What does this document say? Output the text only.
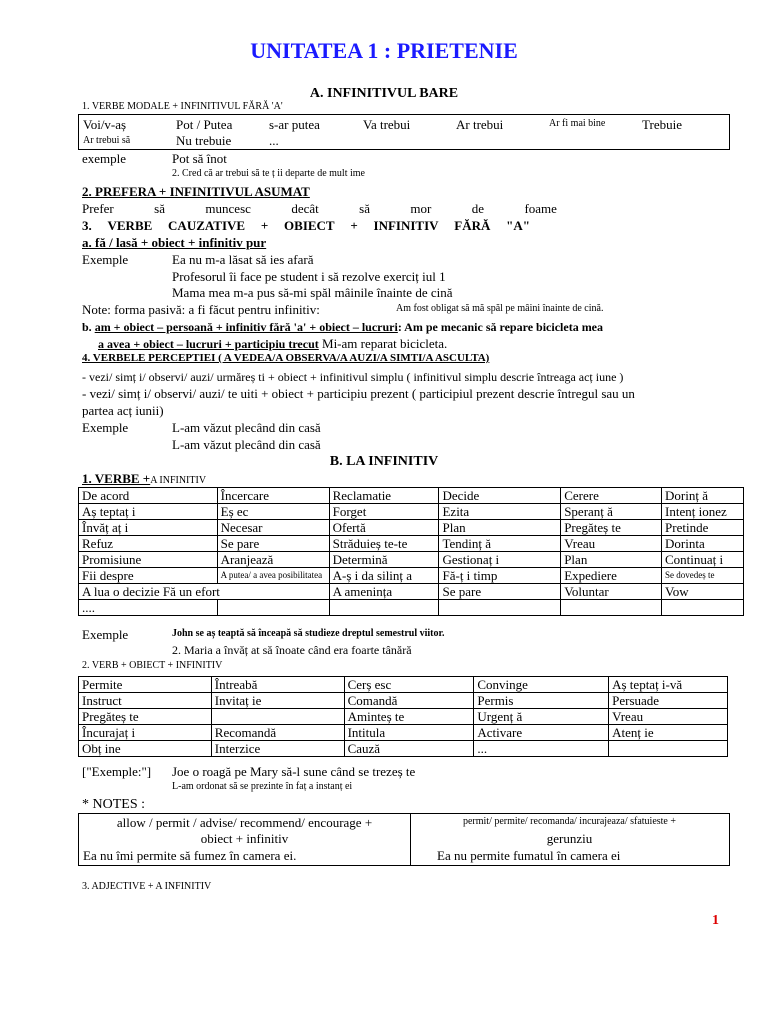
UNITATEA 1 : PRIETENIE
A. INFINITIVUL BARE
1. VERBE MODALE + INFINITIVUL FĂRĂ 'A'
Voi/v-aș	Pot / Putea	s-ar putea	Va trebui	Ar trebui	Ar fi mai bine	Trebuie
Ar trebui să	Nu trebuie	...
exemple	Pot să înot
2. Cred că ar trebui să te ț ii departe de mult ime
2. PREFERA + INFINITIVUL ASUMAT
Prefer	să	muncesc	decât	să	mor	de	foame
3. VERBE CAUZATIVE + OBIECT + INFINITIV FĂRĂ "A"
a. fă / lasă + obiect + infinitiv pur
Exemple	Ea nu m-a lăsat să ies afară
Profesorul îi face pe student i să rezolve exerciț iul 1
Mama mea m-a pus să-mi spăl mâinile înainte de cină
Note: forma pasivă: a fi făcut pentru infinitiv:	Am fost obligat să mă spăl pe mâini înainte de cină.
b. am + obiect – persoană + infinitiv fără 'a' + obiect – lucruri: Am pe mecanic să repare bicicleta mea
a avea + obiect – lucruri + participiu trecut Mi-am reparat bicicleta.
4. VERBELE PERCEPTIEI ( A VEDEA/A OBSERVA/A AUZI/A SIMTI/A ASCULTA)
- vezi/ simț i/ observi/ auzi/ urmăreș ti + obiect + infinitivul simplu ( infinitivul simplu descrie întreaga acț iune )
- vezi/ simț i/ observi/ auzi/ te uiti + obiect + participiu prezent ( participiul prezent descrie întregul sau un
partea acț iunii)
Exemple	L-am văzut plecând din casă
L-am văzut plecând din casă
B. LA INFINITIV
1. VERBE +A INFINITIV
De acord	Încercare	Reclamatie	Decide	Cerere	Dorinț ă
Aș teptaț i	Eș ec	Forget	Ezita	Speranț ă	Intenț ionez
Învăț aț i	Necesar	Ofertă	Plan	Pregăteș te	Pretinde
Refuz	Se pare	Străduieș te-te	Tendinț ă	Vreau	Dorinta
Promisiune	Aranjează	Determină	Gestionaț i	Plan	Continuaț i
Fii despre	A putea/ a avea posibilitatea	A-ș i da silinț a	Fă-ț i timp	Expediere	Se dovedeș te
A lua o decizie Fă un efort		A amenința	Se pare	Voluntar	Vow
....					
Exemple	John se aș teaptă să înceapă să studieze dreptul semestrul viitor.
2. Maria a învăț at să înoate când era foarte tânără
2. VERB + OBIECT + INFINITIV
Permite	Întreabă	Cerș esc	Convinge	Aș teptaț i-vă
Instruct	Invitaț ie	Comandă	Permis	Persuade
Pregăteș te		Aminteș te	Urgenț ă	Vreau
Încurajaț i	Recomandă	Intitula	Activare	Atenț ie
Obț ine	Interzice	Cauză	...	
["Exemple:"] Joe o roagă pe Mary să-l sune când se trezeș te
L-am ordonat să se prezinte în faț a instanț ei
* NOTES :
allow / permit / advise/ recommend/ encourage +
obiect + infinitiv
Ea nu îmi permite să fumez în camera ei.
permit/ permite/ recomanda/ incurajeaza/ sfatuieste +
gerunziu
Ea nu permite fumatul în camera ei
3. ADJECTIVE + A INFINITIV
1
